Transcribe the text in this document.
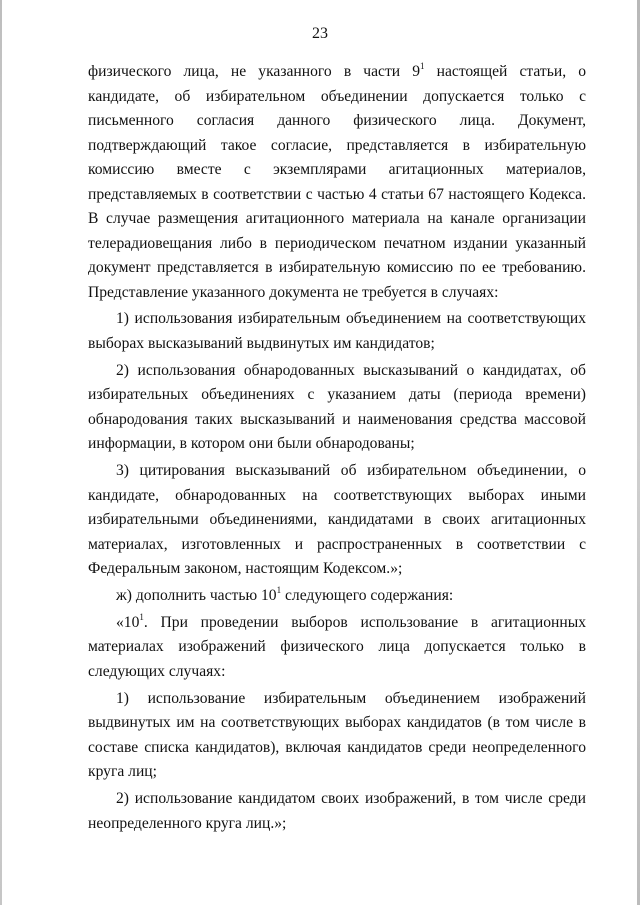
23

физического лица, не указанного в части $9^1$ настоящей статьи, о кандидате, об избирательном объединении допускается только с письменного согласия данного физического лица. Документ, подтверждающий такое согласие, представляется в избирательную комиссию вместе с экземплярами агитационных материалов, представляемых в соответствии с частью 4 статьи 67 настоящего Кодекса. В случае размещения агитационного материала на канале организации телерадиовещания либо в периодическом печатном издании указанный документ представляется в избирательную комиссию по ее требованию. Представление указанного документа не требуется в случаях:

1) использования избирательным объединением на соответствующих выборах высказываний выдвинутых им кандидатов;

2) использования обнародованных высказываний о кандидатах, об избирательных объединениях с указанием даты (периода времени) обнародования таких высказываний и наименования средства массовой информации, в котором они были обнародованы;

3) цитирования высказываний об избирательном объединении, о кандидате, обнародованных на соответствующих выборах иными избирательными объединениями, кандидатами в своих агитационных материалах, изготовленных и распространенных в соответствии с Федеральным законом, настоящим Кодексом.»;

ж) дополнить частью $10^1$ следующего содержания:

«$10^1$. При проведении выборов использование в агитационных материалах изображений физического лица допускается только в следующих случаях:

1) использование избирательным объединением изображений выдвинутых им на соответствующих выборах кандидатов (в том числе в составе списка кандидатов), включая кандидатов среди неопределенного круга лиц;

2) использование кандидатом своих изображений, в том числе среди неопределенного круга лиц.»;
